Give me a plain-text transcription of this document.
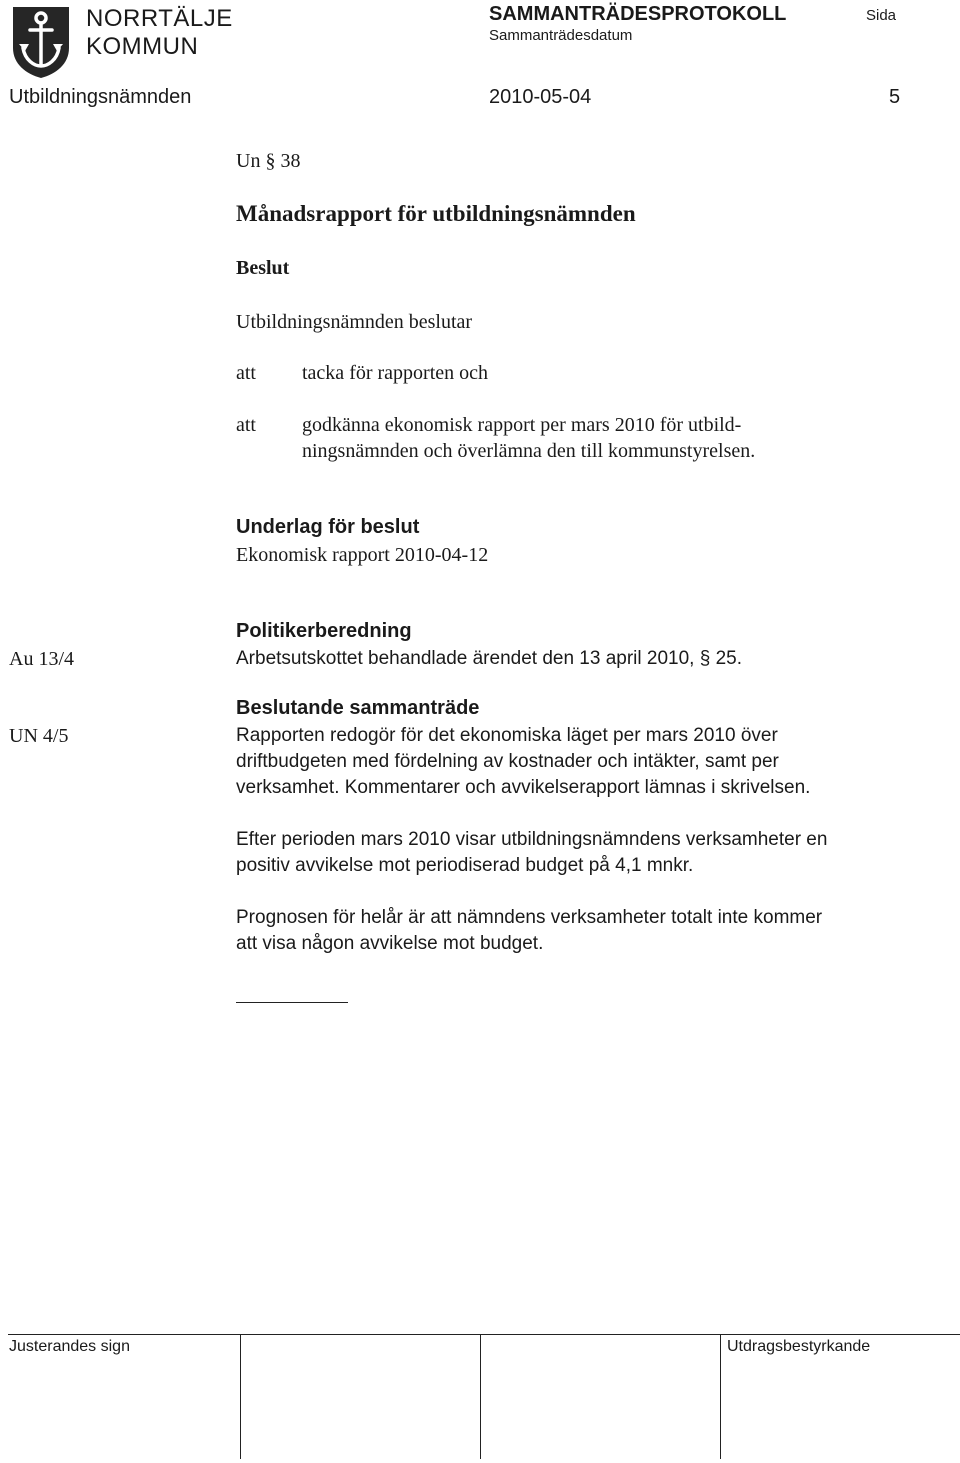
NORRTÄLJE
KOMMUN
SAMMANTRÄDESPROTOKOLL
Sammanträdesdatum
Sida
Utbildningsnämnden	2010-05-04	5
Un § 38
Månadsrapport för utbildningsnämnden
Beslut
Utbildningsnämnden beslutar
att tacka för rapporten och
att godkänna ekonomisk rapport per mars 2010 för utbild-
ningsnämnden och överlämna den till kommunstyrelsen.
Underlag för beslut
Ekonomisk rapport 2010-04-12
Politikerberedning
Au 13/4	Arbetsutskottet behandlade ärendet den 13 april 2010, § 25.
Beslutande sammanträde
UN 4/5	Rapporten redogör för det ekonomiska läget per mars 2010 över
driftbudgeten med fördelning av kostnader och intäkter, samt per
verksamhet. Kommentarer och avvikelserapport lämnas i skrivelsen.
Efter perioden mars 2010 visar utbildningsnämndens verksamheter en
positiv avvikelse mot periodiserad budget på 4,1 mnkr.
Prognosen för helår är att nämndens verksamheter totalt inte kommer
att visa någon avvikelse mot budget.
Justerandes sign	Utdragsbestyrkande
